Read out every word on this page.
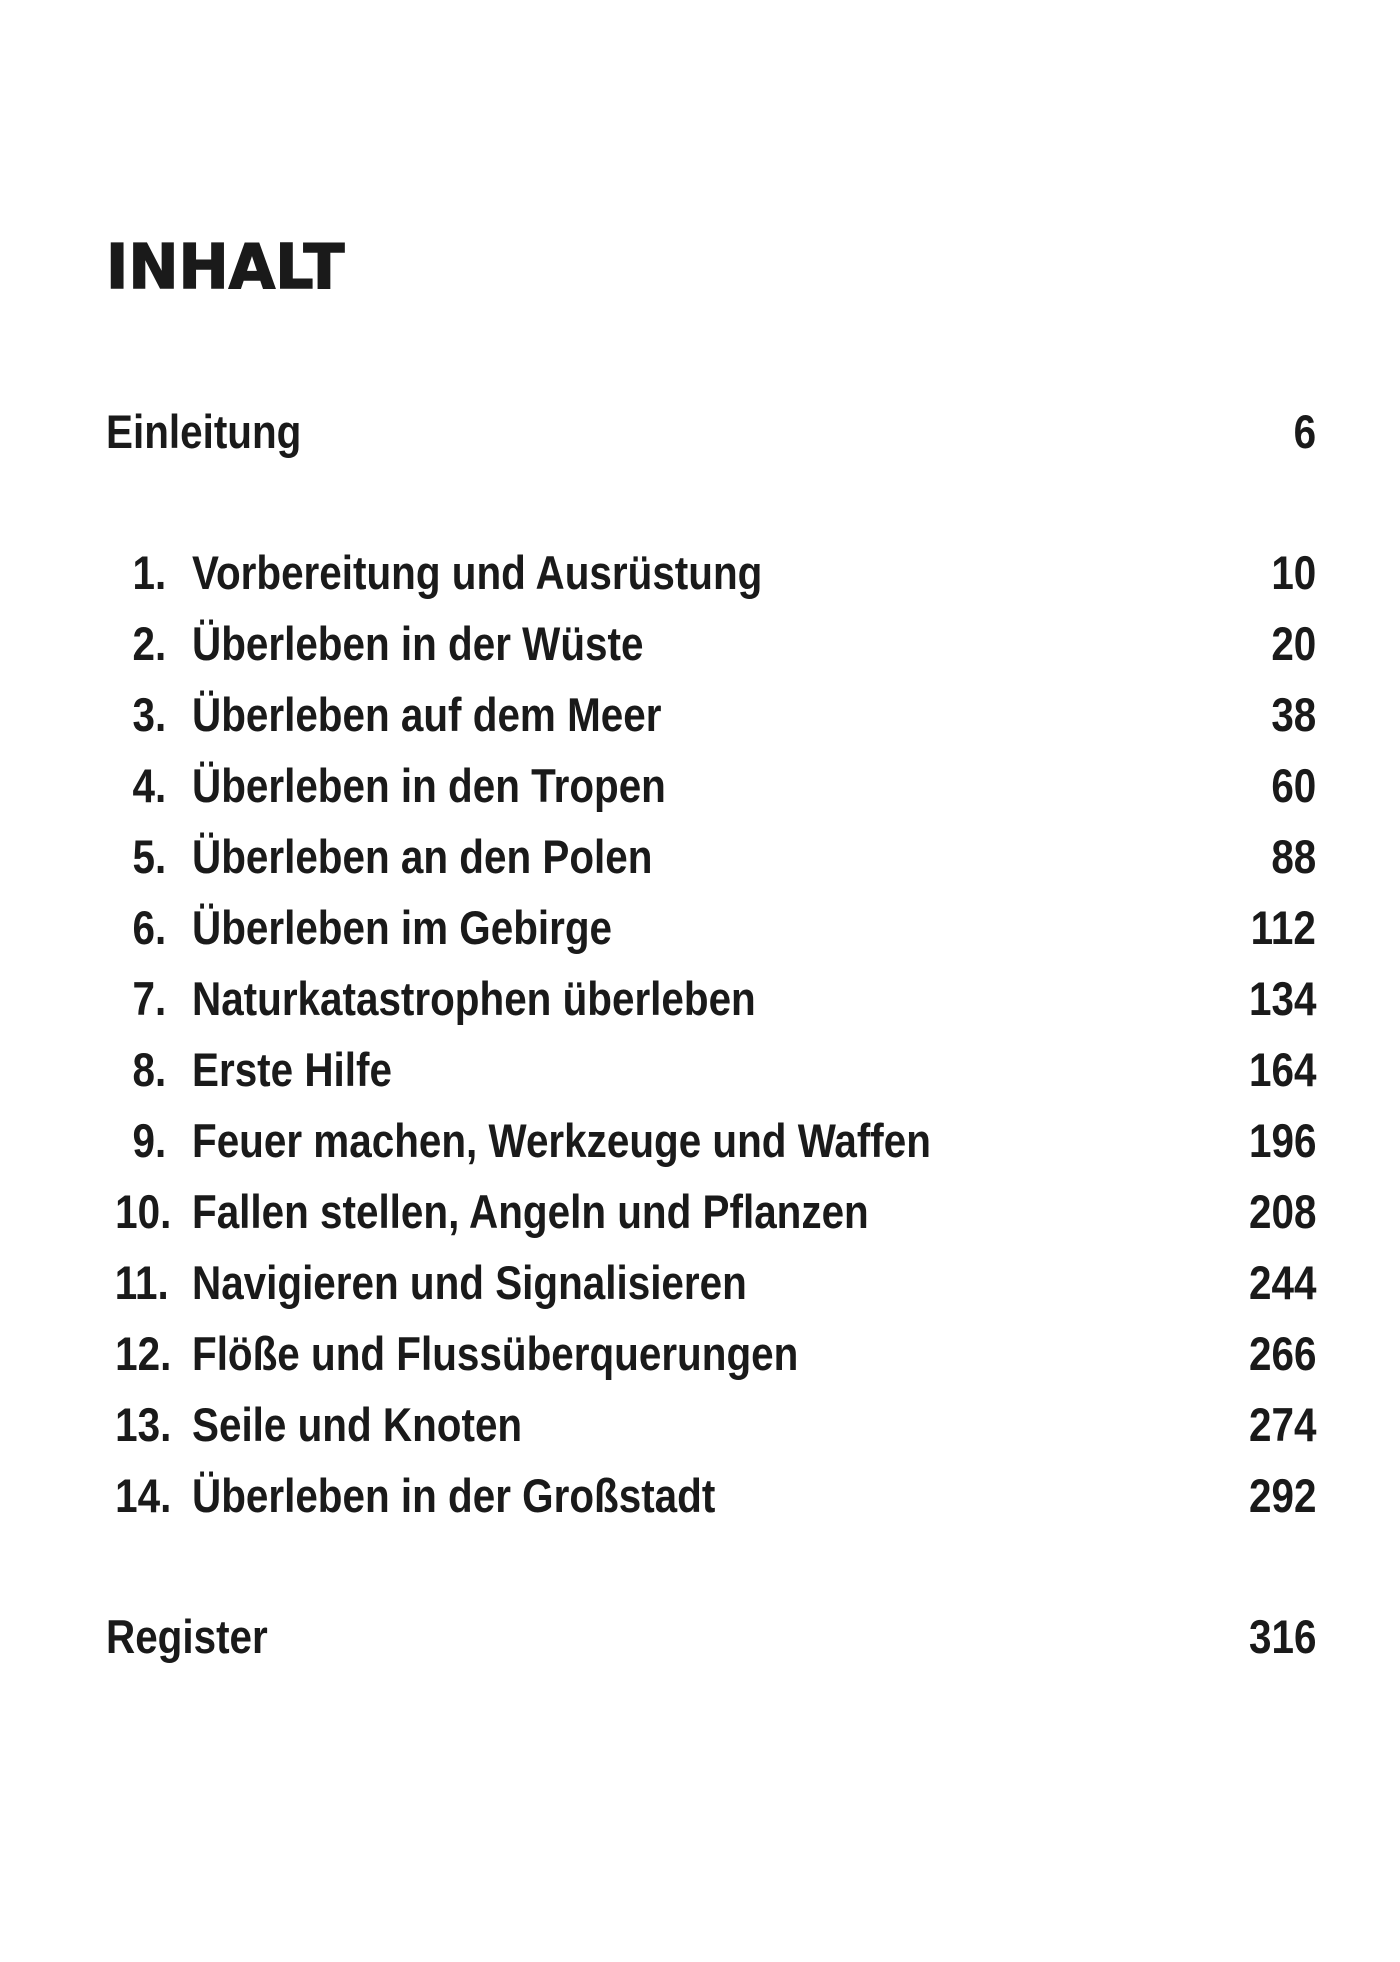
INHALT
Einleitung	6
1. Vorbereitung und Ausrüstung	10
2. Überleben in der Wüste	20
3. Überleben auf dem Meer	38
4. Überleben in den Tropen	60
5. Überleben an den Polen	88
6. Überleben im Gebirge	112
7. Naturkatastrophen überleben	134
8. Erste Hilfe	164
9. Feuer machen, Werkzeuge und Waffen	196
10. Fallen stellen, Angeln und Pflanzen	208
11. Navigieren und Signalisieren	244
12. Flöße und Flussüberquerungen	266
13. Seile und Knoten	274
14. Überleben in der Großstadt	292
Register	316
